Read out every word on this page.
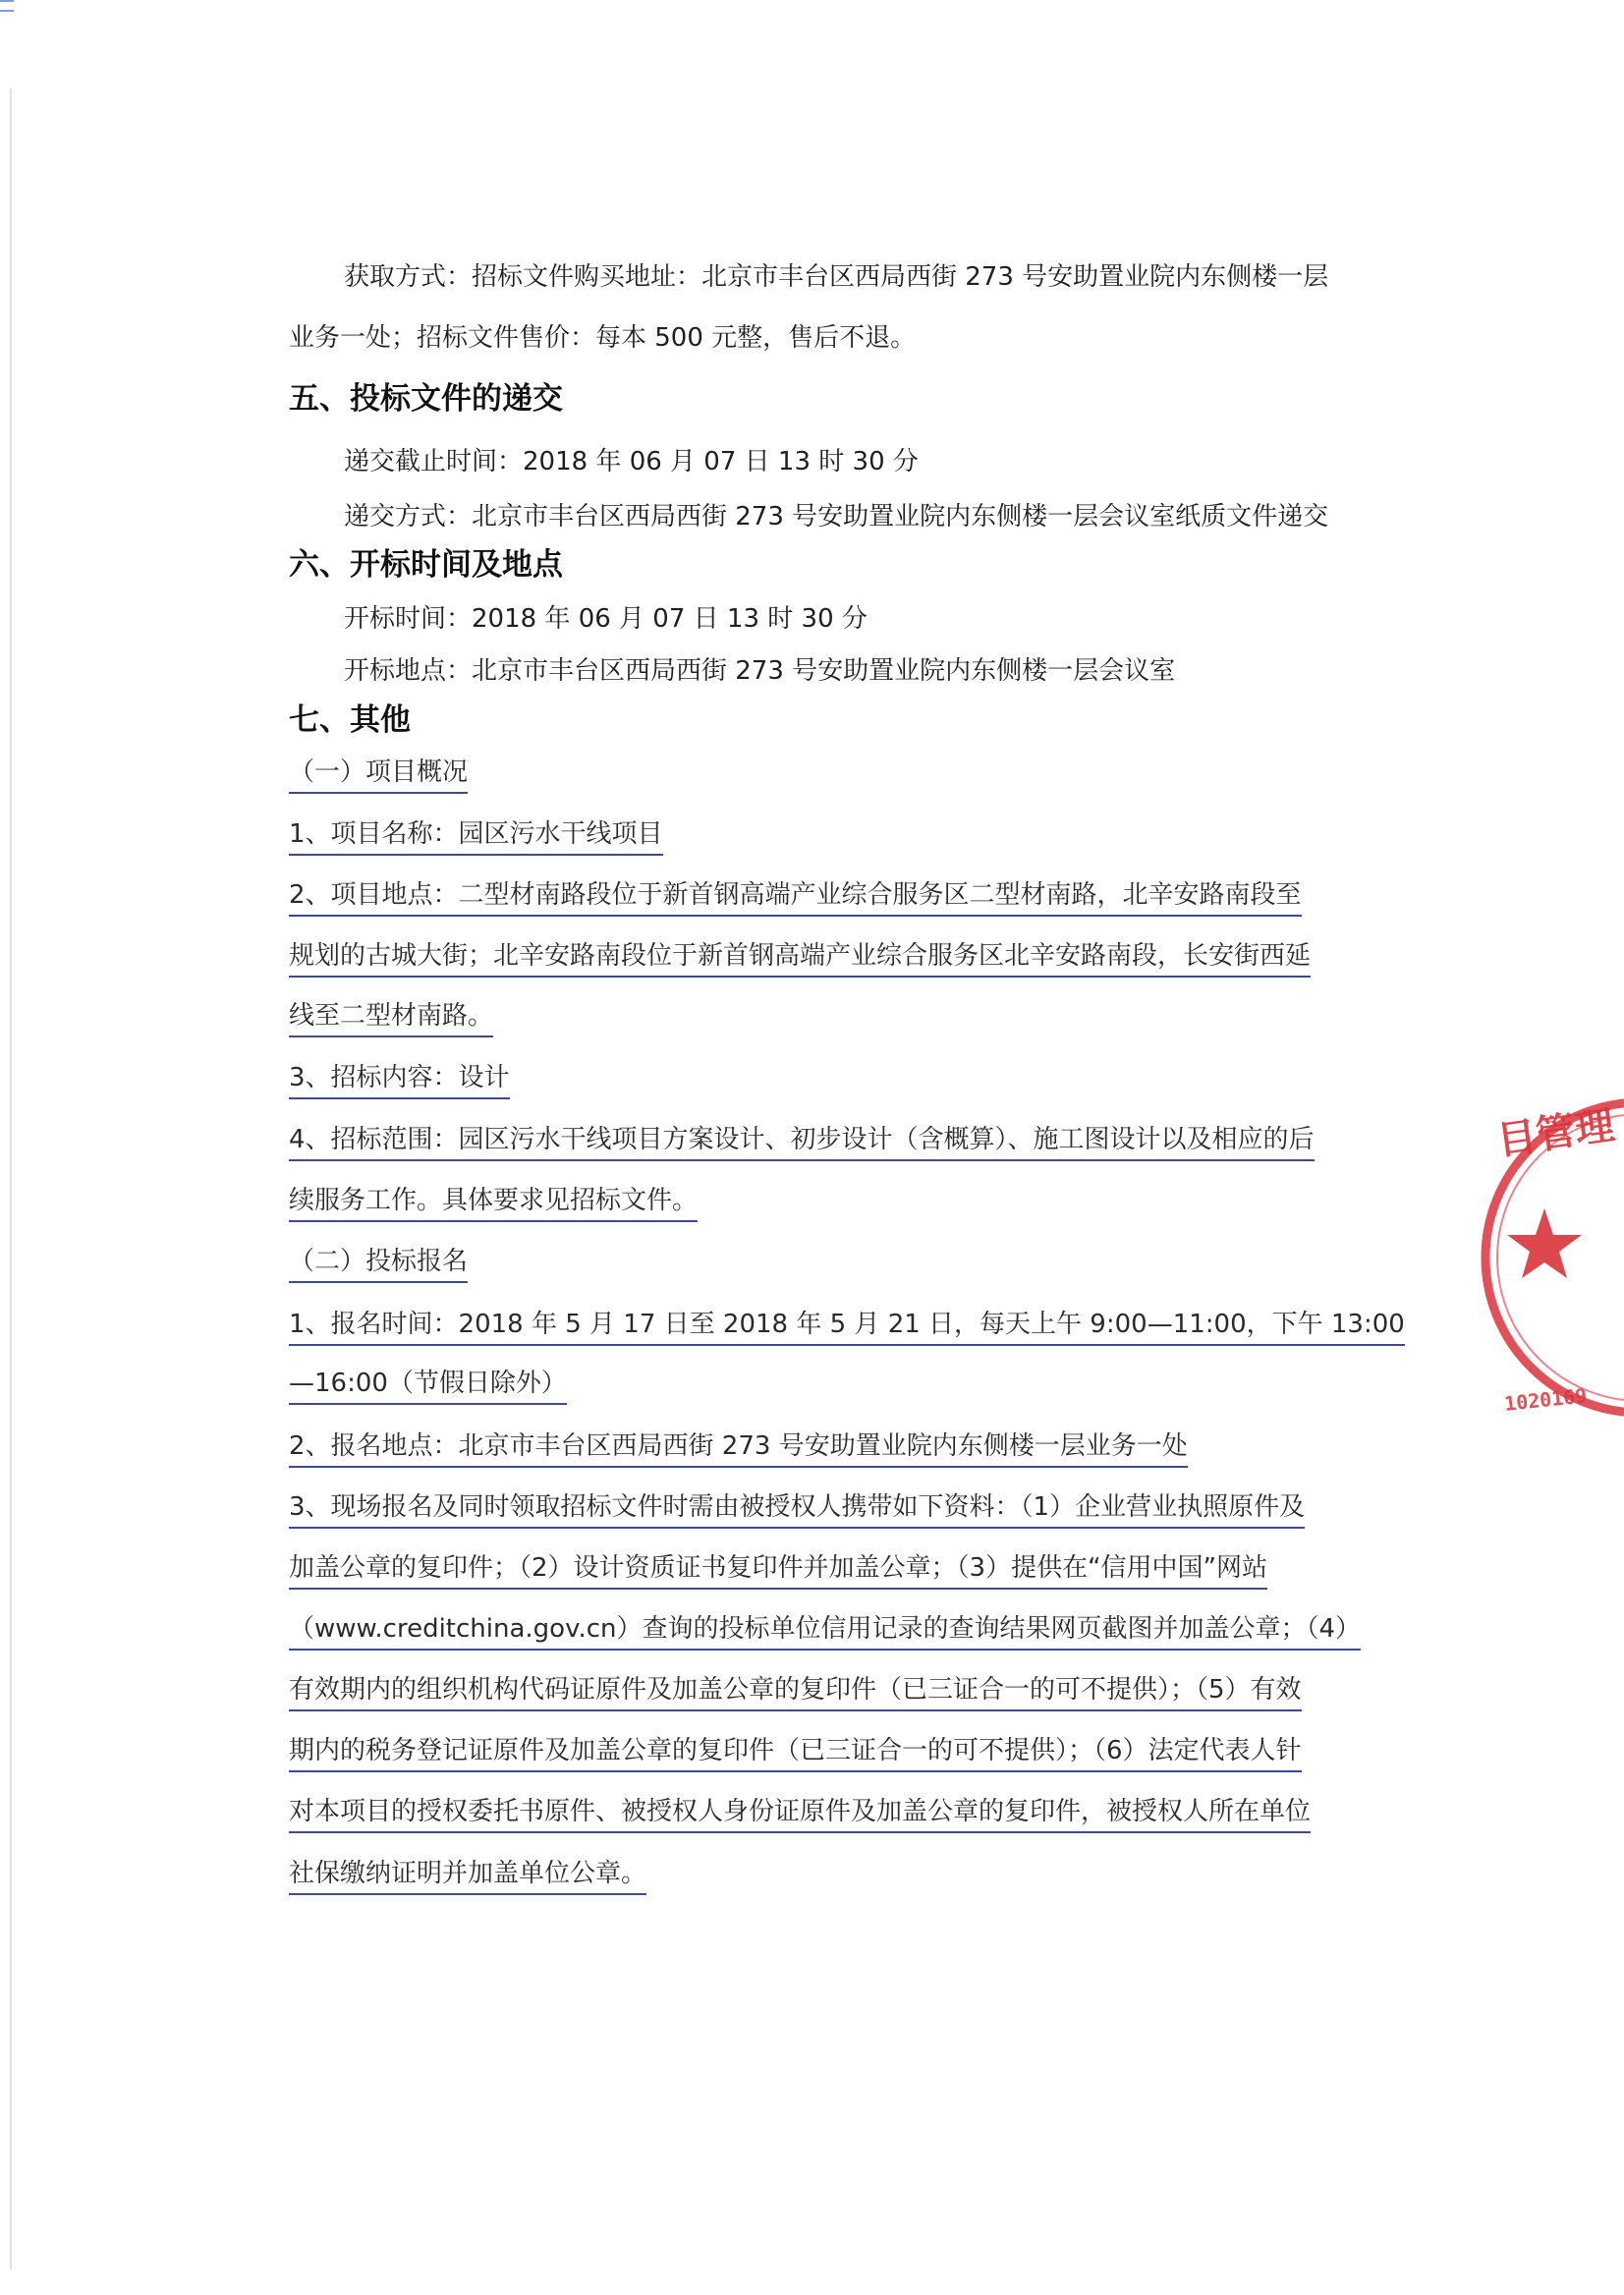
获取方式：招标文件购买地址：北京市丰台区西局西街 273 号安助置业院内东侧楼一层
业务一处；招标文件售价：每本 500 元整，售后不退。
五、投标文件的递交
递交截止时间：2018 年 06 月 07 日 13 时 30 分
递交方式：北京市丰台区西局西街 273 号安助置业院内东侧楼一层会议室纸质文件递交
六、开标时间及地点
开标时间：2018 年 06 月 07 日 13 时 30 分
开标地点：北京市丰台区西局西街 273 号安助置业院内东侧楼一层会议室
七、其他
（一）项目概况
1、项目名称：园区污水干线项目
2、项目地点：二型材南路段位于新首钢高端产业综合服务区二型材南路，北辛安路南段至
规划的古城大街；北辛安路南段位于新首钢高端产业综合服务区北辛安路南段，长安街西延
线至二型材南路。
3、招标内容：设计
4、招标范围：园区污水干线项目方案设计、初步设计（含概算）、施工图设计以及相应的后
续服务工作。具体要求见招标文件。
（二）投标报名
1、报名时间：2018 年 5 月 17 日至 2018 年 5 月 21 日，每天上午 9:00—11:00，下午 13:00
—16:00（节假日除外）
2、报名地点：北京市丰台区西局西街 273 号安助置业院内东侧楼一层业务一处
3、现场报名及同时领取招标文件时需由被授权人携带如下资料：（1）企业营业执照原件及
加盖公章的复印件；（2）设计资质证书复印件并加盖公章；（3）提供在“信用中国”网站
（www.creditchina.gov.cn）查询的投标单位信用记录的查询结果网页截图并加盖公章；（4）
有效期内的组织机构代码证原件及加盖公章的复印件（已三证合一的可不提供）；（5）有效
期内的税务登记证原件及加盖公章的复印件（已三证合一的可不提供）；（6）法定代表人针
对本项目的授权委托书原件、被授权人身份证原件及加盖公章的复印件，被授权人所在单位
社保缴纳证明并加盖单位公章。
目管理
1020169
